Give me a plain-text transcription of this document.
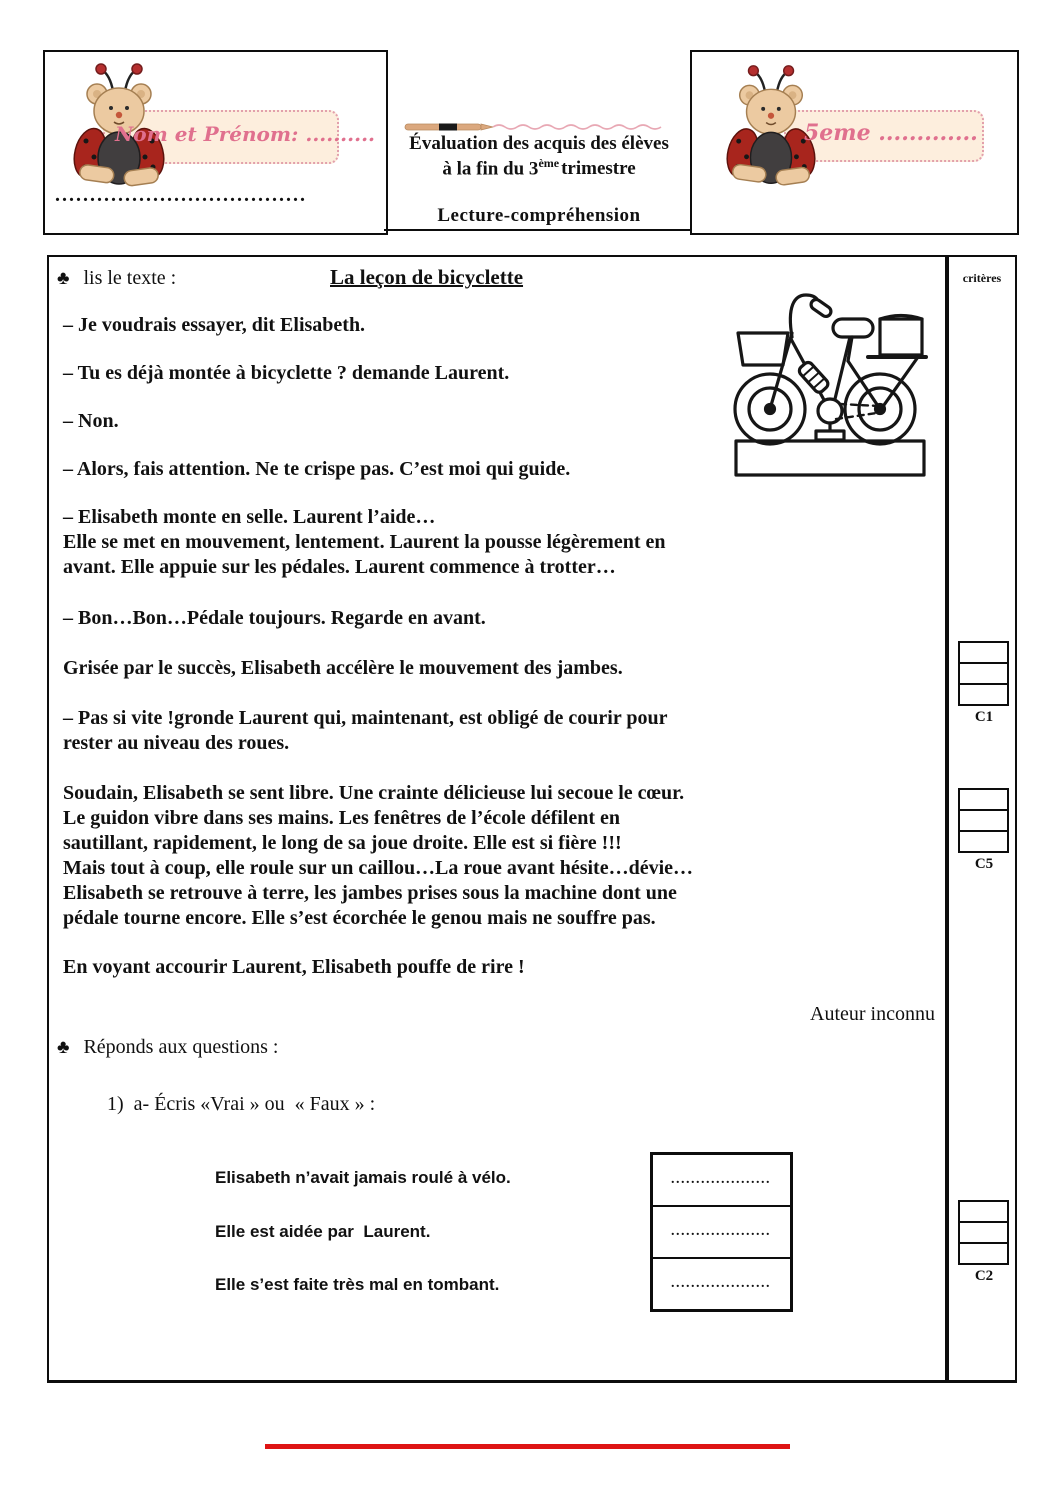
Nom et Prénom: ..........
....................................
Évaluation des acquis des élèves
à la fin du 3ème trimestre
Lecture-compréhension
5eme .............
♣ lis le texte :	La leçon de bicyclette
– Je voudrais essayer, dit Elisabeth.
– Tu es déjà montée à bicyclette ? demande Laurent.
– Non.
– Alors, fais attention. Ne te crispe pas. C’est moi qui guide.
– Elisabeth monte en selle. Laurent l’aide…
Elle se met en mouvement, lentement. Laurent la pousse légèrement en
avant. Elle appuie sur les pédales. Laurent commence à trotter…
– Bon…Bon…Pédale toujours. Regarde en avant.
Grisée par le succès, Elisabeth accélère le mouvement des jambes.
– Pas si vite !gronde Laurent qui, maintenant, est obligé de courir pour
rester au niveau des roues.
Soudain, Elisabeth se sent libre. Une crainte délicieuse lui secoue le cœur.
Le guidon vibre dans ses mains. Les fenêtres de l’école défilent en
sautillant, rapidement, le long de sa joue droite. Elle est si fière !!!
Mais tout à coup, elle roule sur un caillou…La roue avant hésite…dévie…
Elisabeth se retrouve à terre, les jambes prises sous la machine dont une
pédale tourne encore. Elle s’est écorchée le genou mais ne souffre pas.
En voyant accourir Laurent, Elisabeth pouffe de rire !
Auteur inconnu
♣ Réponds aux questions :
1)  a- Écris «Vrai » ou  « Faux » :
Elisabeth n’avait jamais roulé à vélo.
Elle est aidée par  Laurent.
Elle s’est faite très mal en tombant.
....................
....................
....................
critères
C1
C5
C2
